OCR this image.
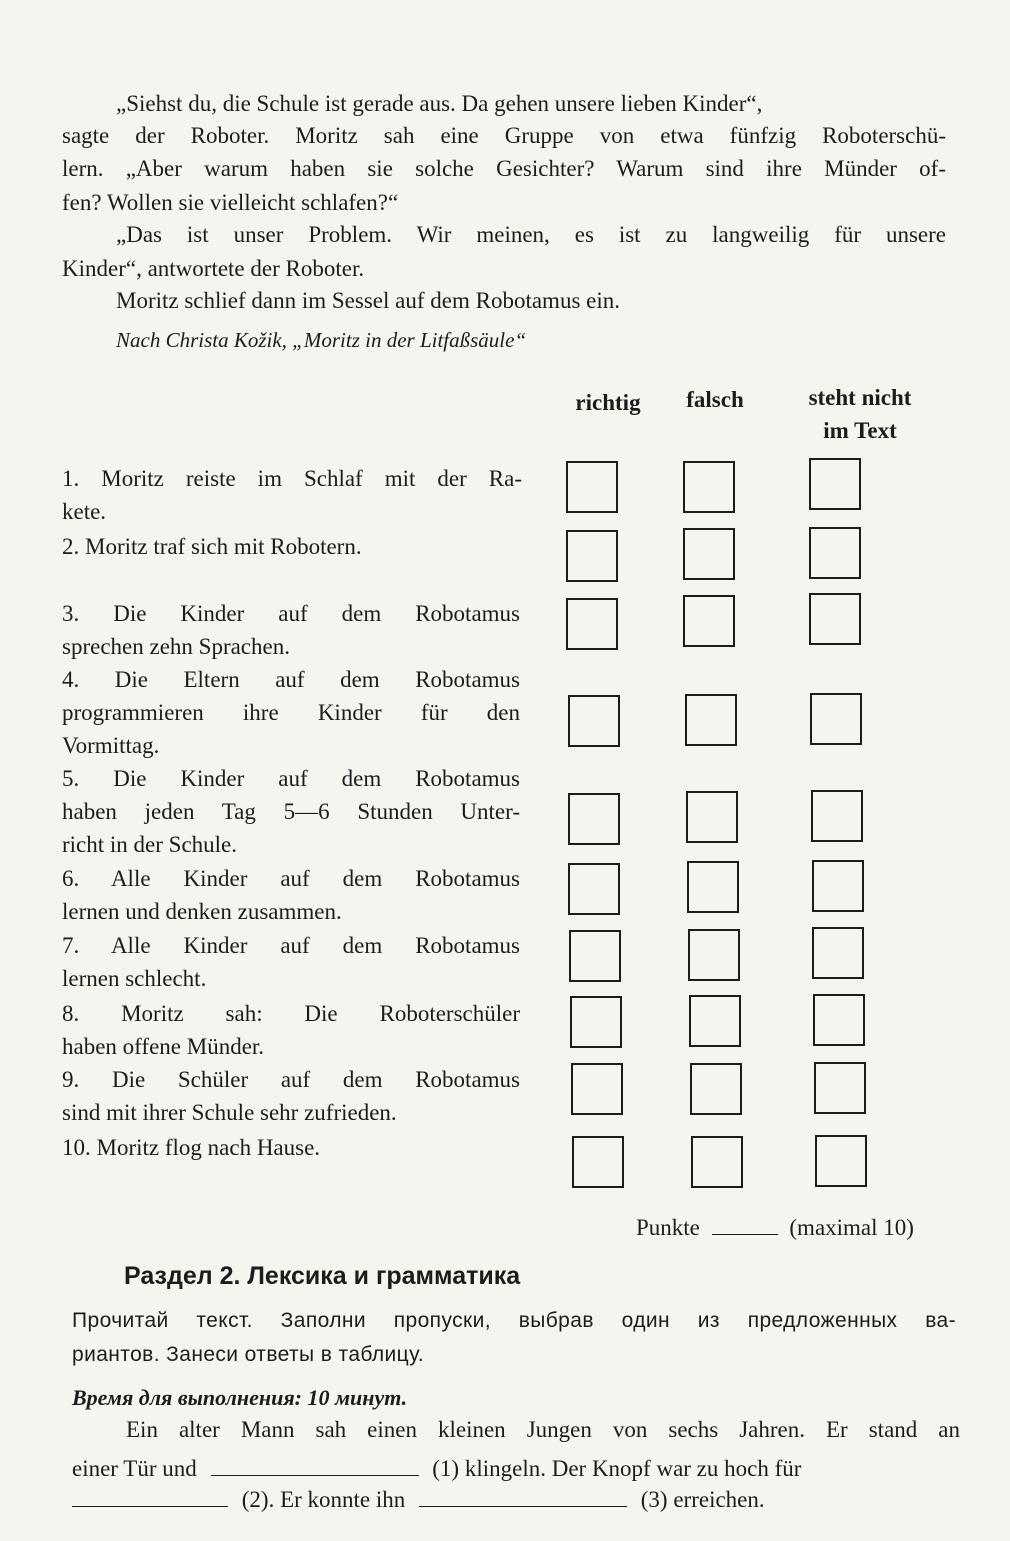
„Siehst du, die Schule ist gerade aus. Da gehen unsere lieben Kinder“,
sagte der Roboter. Moritz sah eine Gruppe von etwa fünfzig Roboterschü-
lern. „Aber warum haben sie solche Gesichter? Warum sind ihre Münder of-
fen? Wollen sie vielleicht schlafen?“
„Das ist unser Problem. Wir meinen, es ist zu langweilig für unsere
Kinder“, antwortete der Roboter.
Moritz schlief dann im Sessel auf dem Robotamus ein.
Nach Christa Kožik, „Moritz in der Litfaßsäule“
richtig	falsch	steht nicht
im Text
1. Moritz reiste im Schlaf mit der Ra-
kete.
2. Moritz traf sich mit Robotern.
3. Die Kinder auf dem Robotamus
sprechen zehn Sprachen.
4. Die Eltern auf dem Robotamus
programmieren ihre Kinder für den
Vormittag.
5. Die Kinder auf dem Robotamus
haben jeden Tag 5—6 Stunden Unter-
richt in der Schule.
6. Alle Kinder auf dem Robotamus
lernen und denken zusammen.
7. Alle Kinder auf dem Robotamus
lernen schlecht.
8. Moritz sah: Die Roboterschüler
haben offene Münder.
9. Die Schüler auf dem Robotamus
sind mit ihrer Schule sehr zufrieden.
10. Moritz flog nach Hause.
Punkte	(maximal 10)
Раздел 2. Лексика и грамматика
Прочитай текст. Заполни пропуски, выбрав один из предложенных ва-
риантов. Занеси ответы в таблицу.
Время для выполнения: 10 минут.
Ein alter Mann sah einen kleinen Jungen von sechs Jahren. Er stand an
einer Tür und	(1) klingeln. Der Knopf war zu hoch für
(2). Er konnte ihn	(3) erreichen.
